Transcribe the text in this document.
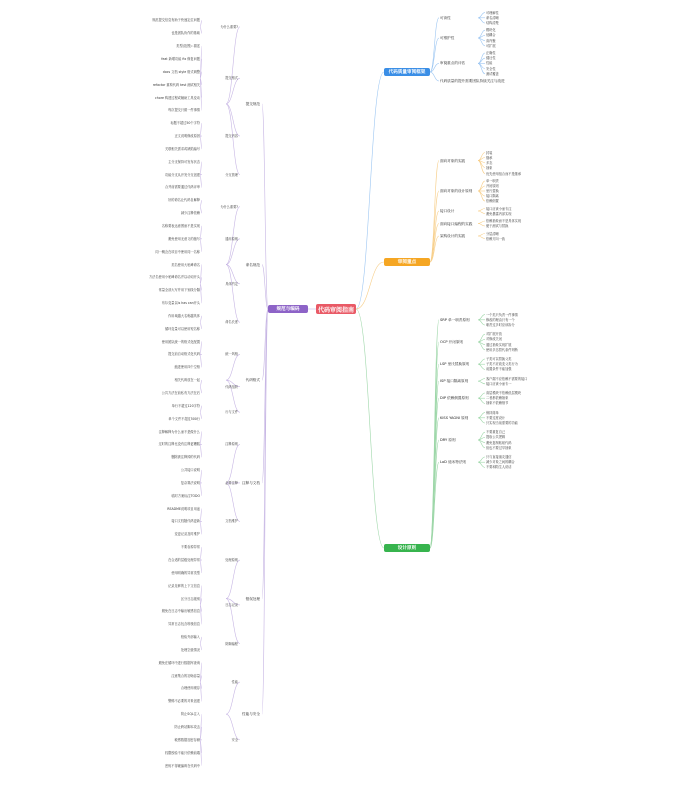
规范与编码
规范提交信息有助于快速定位问题
也是团队协作的基础
为什么重要?
类型(范围): 描述
feat 新增功能 fix 修复问题
docs 文档 style 格式调整
refactor 重构代码 test 测试相关
chore 构建过程或辅助工具变动
每次提交只做一件事情
提交格式
标题不超过50个字符
正文说明修改原因
关联相关需求或缺陷编号
提交内容
主分支保持可发布状态
功能分支从开发分支创建
合并前需要通过代码评审
分支管理
提交规范
好的命名让代码自解释
减少注释依赖
为什么重要?
名称要表达意图而不是实现
避免使用无意义的缩写
同一概念在项目中使用同一名称
通用原则
类名使用大驼峰命名
方法名使用小驼峰命名并以动词开头
常量全部大写并用下划线分隔
布尔变量以is has can开头
具体约定
作用域越大名称越具体
循环变量可以使用短名称
命名长度
命名规范
使用团队统一的格式化配置
提交前自动格式化代码
缩进使用四个空格
统一风格
相关代码放在一起
公共方法在前私有方法在后
代码组织
单行不超过120字符
单个文件不超过500行
行与文件
代码格式
注释解释为什么而不是做什么
过时的注释比没有注释更糟糕
删除被注释掉的代码
注释原则
公共接口说明
复杂算法说明
临时方案标注TODO
必要注释
README说明项目用途
接口文档随代码更新
变更记录及时维护
文档维护
注释与文档
不要吞掉异常
在合适的层级处理异常
使用明确的异常类型
处理原则
记录足够的上下文信息
区分日志级别
避免在日志中输出敏感信息
异常日志包含堆栈信息
日志记录
校验外部输入
处理空值情况
防御编程
错误处理
避免在循环中进行数据库查询
注意集合的初始容量
合理使用缓存
警惕不必要的对象创建
性能
防止SQL注入
防止跨站脚本攻击
敏感数据加密存储
权限校验不能只依赖前端
密钥不得硬编码在代码中
安全
性能与安全
代码质量审阅框架
可理解性
命名清晰
结构清楚
可读性
模块化
低耦合
高内聚
可扩展
可维护性
正确性
健壮性
性能
安全性
测试覆盖
审阅重点的评估
代码质量的提升需要团队持续关注与改进
审阅重点
封装
继承
多态
抽象
面向对象的实践
优先使用组合而不是继承
单一职责
开闭原则
里氏替换
接口隔离
依赖倒置
面向对象的设计原则
接口应该小而专注
避免暴露内部实现
接口设计
依赖抽象而不是具体实现
便于测试与替换
面向接口编程的实践
分层清晰
依赖方向一致
架构设计的实践
设计原则
一个类只负责一件事情
修改的理由只有一个
职责过多时应该拆分
SRP 单一职责原则
对扩展开放
对修改关闭
通过抽象实现扩展
使用多态替代条件判断
OCP 开闭原则
子类可以替换父类
子类不应改变父类行为
前置条件不能加强
LSP 里氏替换原则
客户端不应依赖不需要的接口
接口应该小而专一
ISP 接口隔离原则
高层模块不依赖低层模块
二者都依赖抽象
抽象不依赖细节
DIP 依赖倒置原则
保持简单
不要过度设计
只实现当前需要的功能
KISS YAGNI 原则
不要重复自己
提取公共逻辑
避免复制粘贴代码
但也不要过早抽象
DRY 原则
只与直接朋友通信
减少对象之间的耦合
不要和陌生人说话
LoD 迪米特法则
代码审阅指南
